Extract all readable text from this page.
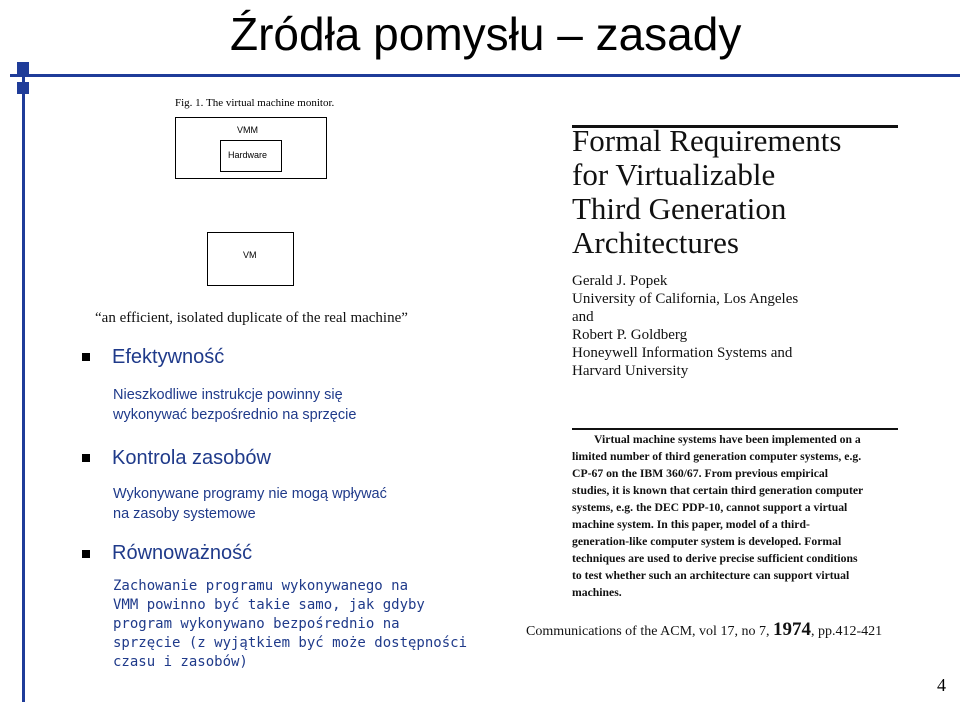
Źródła pomysłu – zasady
Fig. 1. The virtual machine monitor.
VMM
Hardware
VM
“an efficient, isolated duplicate of the real machine”
Efektywność
Nieszkodliwe instrukcje powinny się
wykonywać bezpośrednio na sprzęcie
Kontrola zasobów
Wykonywane programy nie mogą wpływać
na zasoby systemowe
Równoważność
Zachowanie programu wykonywanego na
VMM powinno być takie samo, jak gdyby
program wykonywano bezpośrednio na
sprzęcie (z wyjątkiem być może dostępności
czasu i zasobów)
Formal Requirements
for Virtualizable
Third Generation
Architectures
Gerald J. Popek
University of California, Los Angeles
and
Robert P. Goldberg
Honeywell Information Systems and
Harvard University
Virtual machine systems have been implemented on a
limited number of third generation computer systems, e.g.
CP-67 on the IBM 360/67. From previous empirical
studies, it is known that certain third generation computer
systems, e.g. the DEC PDP-10, cannot support a virtual
machine system. In this paper, model of a third-
generation-like computer system is developed. Formal
techniques are used to derive precise sufficient conditions
to test whether such an architecture can support virtual
machines.
Communications of the ACM, vol 17, no 7, 1974, pp.412-421
4
